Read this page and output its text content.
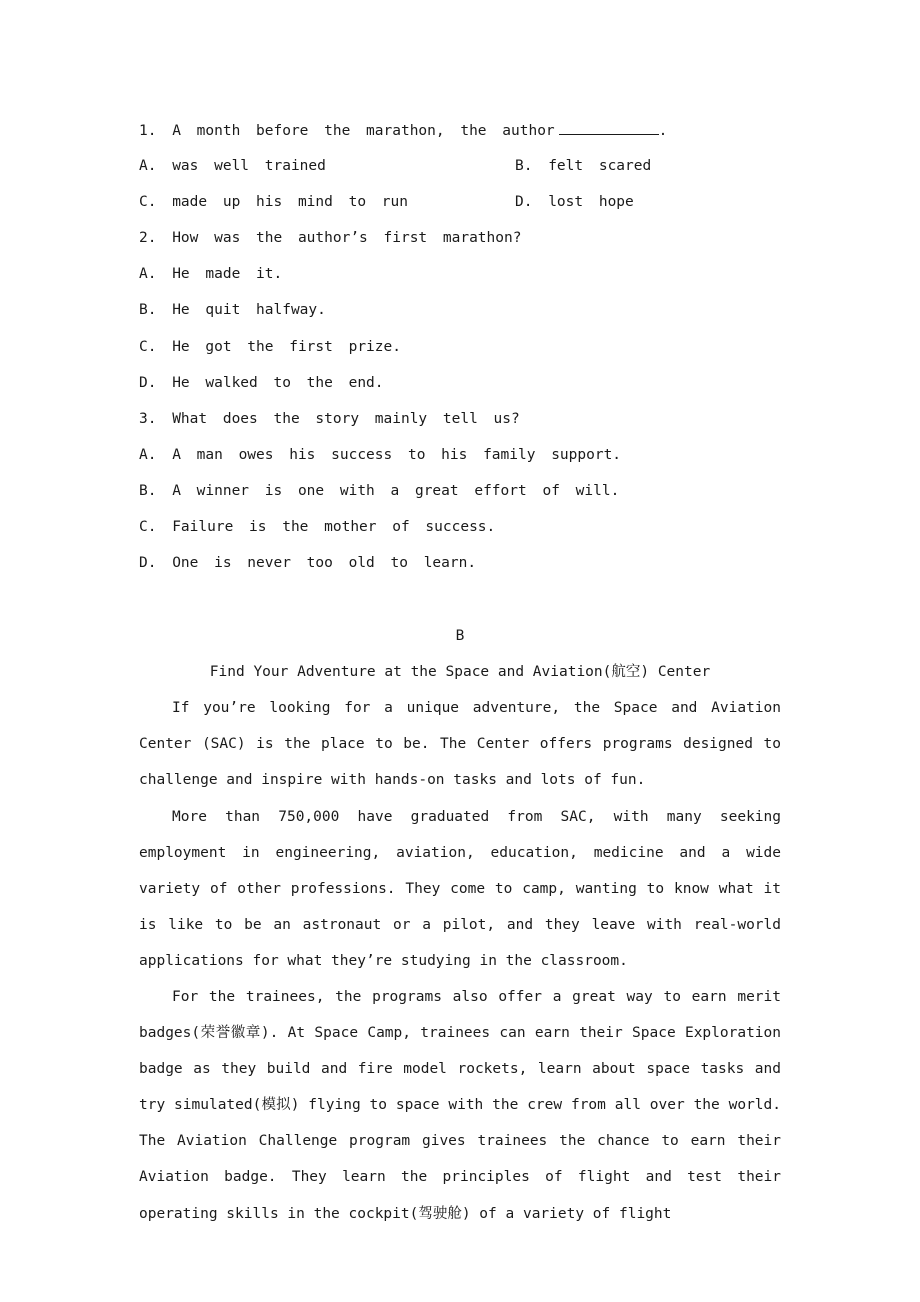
1. A month before the marathon, the author	.
A. was well trained	B. felt scared
C. made up his mind to run	D. lost hope
2. How was the author’s first marathon?
A. He made it.
B. He quit halfway.
C. He got the first prize.
D. He walked to the end.
3. What does the story mainly tell us?
A. A man owes his success to his family support.
B. A winner is one with a great effort of will.
C. Failure is the mother of success.
D. One is never too old to learn.
B
Find Your Adventure at the Space and Aviation(航空) Center
If you’re looking for a unique adventure, the Space and Aviation Center (SAC) is the place to be. The Center offers programs designed to challenge and inspire with hands-on tasks and lots of fun.
More than 750,000 have graduated from SAC, with many seeking employment in engineering, aviation, education, medicine and a wide variety of other professions. They come to camp, wanting to know what it is like to be an astronaut or a pilot, and they leave with real-world applications for what they’re studying in the classroom.
For the trainees, the programs also offer a great way to earn merit badges(荣誉徽章). At Space Camp, trainees can earn their Space Exploration badge as they build and fire model rockets, learn about space tasks and try simulated(模拟) flying to space with the crew from all over the world. The Aviation Challenge program gives trainees the chance to earn their Aviation badge. They learn the principles of flight and test their operating skills in the cockpit(驾驶舱) of a variety of flight
